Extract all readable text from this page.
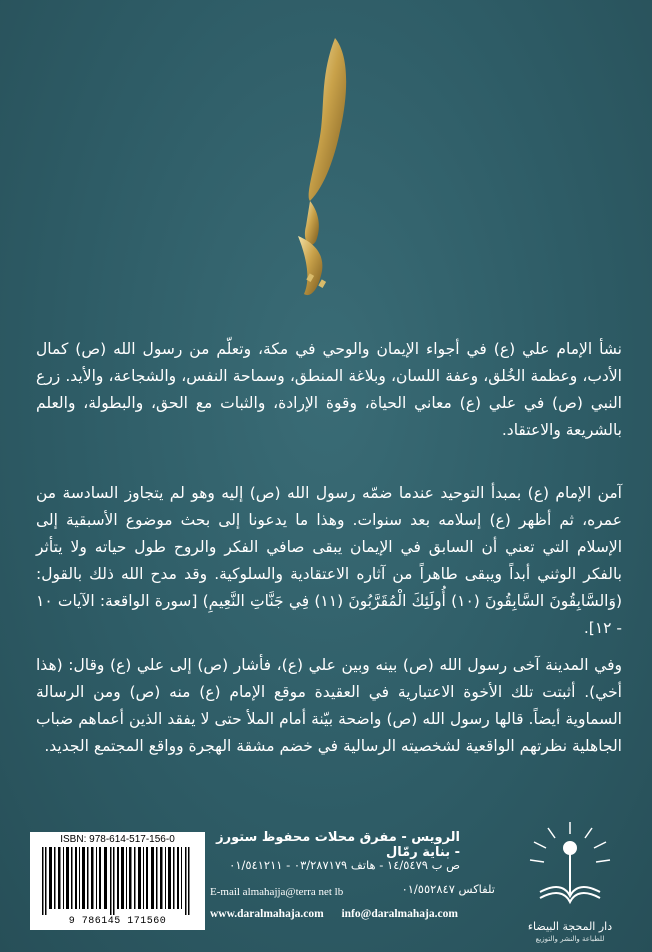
نشأ الإمام علي (ع) في أجواء الإيمان والوحي في مكة، وتعلّم من رسول الله (ص) كمال الأدب، وعظمة الخُلق، وعفة اللسان، وبلاغة المنطق، وسماحة النفس، والشجاعة، والأيد. زرع النبي (ص) في علي (ع) معاني الحياة، وقوة الإرادة، والثبات مع الحق، والبطولة، والعلم بالشريعة والاعتقاد.

آمن الإمام (ع) بمبدأ التوحيد عندما ضمّه رسول الله (ص) إليه وهو لم يتجاوز السادسة من عمره، ثم أظهر (ع) إسلامه بعد سنوات. وهذا ما يدعونا إلى بحث موضوع الأسبقية إلى الإسلام التي تعني أن السابق في الإيمان يبقى صافي الفكر والروح طول حياته ولا يتأثر بالفكر الوثني أبداً ويبقى طاهراً من آثاره الاعتقادية والسلوكية. وقد مدح الله ذلك بالقول: (وَالسَّابِقُونَ السَّابِقُونَ (١٠) أُولَئِكَ الْمُقَرَّبُونَ (١١) فِي جَنَّاتِ النَّعِيمِ) [سورة الواقعة: الآيات ١٠ - ١٢].

وفي المدينة آخى رسول الله (ص) بينه وبين علي (ع)، فأشار (ص) إلى علي (ع) وقال: (هذا أخي). أثبتت تلك الأخوة الاعتبارية في العقيدة موقع الإمام (ع) منه (ص) ومن الرسالة السماوية أيضاً. قالها رسول الله (ص) واضحة بيّنة أمام الملأ حتى لا يفقد الذين أعماهم ضباب الجاهلية نظرتهم الواقعية لشخصيته الرسالية في خضم مشقة الهجرة وواقع المجتمع الجديد.

ISBN: 978-614-517-156-0
9 786145 171560
الرويس - مفرق محلات محفوظ ستورز - بناية رمّال
ص ب ١٤/٥٤٧٩ - هاتف ٠٣/٢٨٧١٧٩ - ٠١/٥٤١٢١١
تلفاكس ٠١/٥٥٢٨٤٧
E-mail almahajja@terra net lb
www.daralmahaja.com info@daralmahaja.com
دار المحجة البيضاء
للطباعة والنشر والتوزيع
